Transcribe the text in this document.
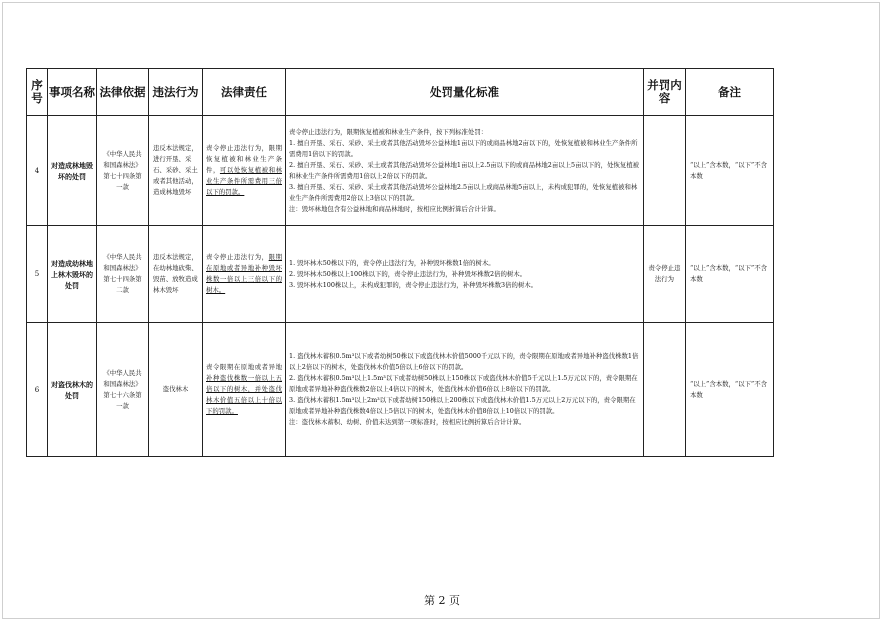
序号	事项名称	法律依据	违法行为	法律责任	处罚量化标准	并罚内容	备注
4	对造成林地毁坏的处罚	《中华人民共和国森林法》第七十四条第一款	违反本法规定，进行开垦、采石、采砂、采土或者其他活动，造成林地毁坏	责令停止违法行为，限期恢复植被和林业生产条件，可以处恢复植被和林业生产条件所需费用三倍以下的罚款。	责令停止违法行为，限期恢复植被和林业生产条件，按下列标准处罚：
1. 擅自开垦、采石、采砂、采土或者其他活动毁坏公益林地1亩以下的或商品林地2亩以下的，处恢复植被和林业生产条件所需费用1倍以下的罚款。
2. 擅自开垦、采石、采砂、采土或者其他活动毁坏公益林地1亩以上2.5亩以下的或商品林地2亩以上5亩以下的，处恢复植被和林业生产条件所需费用1倍以上2倍以下的罚款。
3. 擅自开垦、采石、采砂、采土或者其他活动毁坏公益林地2.5亩以上或商品林地5亩以上，未构成犯罪的，处恢复植被和林业生产条件所需费用2倍以上3倍以下的罚款。
注：毁坏林地包含有公益林地和商品林地时，按相应比例折算后合计计算。		“以上”含本数，“以下”不含本数

5	对造成幼林地上林木毁坏的处罚	《中华人民共和国森林法》第七十四条第二款	违反本法规定，在幼林地砍柴、毁苗、放牧造成林木毁坏	责令停止违法行为，限期在原地或者异地补种毁坏株数一倍以上三倍以下的树木。	1. 毁坏林木50株以下的，责令停止违法行为，补种毁坏株数1倍的树木。
2. 毁坏林木50株以上100株以下的，责令停止违法行为，补种毁坏株数2倍的树木。
3. 毁坏林木100株以上，未构成犯罪的，责令停止违法行为，补种毁坏株数3倍的树木。	责令停止违法行为	“以上”含本数，“以下”不含本数

6	对盗伐林木的处罚	《中华人民共和国森林法》第七十六条第一款	盗伐林木	责令限期在原地或者异地补种盗伐株数一倍以上五倍以下的树木，并处盗伐林木价值五倍以上十倍以下的罚款。	1. 盗伐林木蓄积0.5m³以下或者幼树50株以下或盗伐林木价值5000千元以下的，责令限期在原地或者异地补种盗伐株数1倍以上2倍以下的树木，处盗伐林木价值5倍以上6倍以下的罚款。
2. 盗伐林木蓄积0.5m³以上1.5m³以下或者幼树50株以上150株以下或盗伐林木价值5千元以上1.5万元以下的，责令限期在原地或者异地补种盗伐株数2倍以上4倍以下的树木，处盗伐林木价值6倍以上8倍以下的罚款。
3. 盗伐林木蓄积1.5m³以上2m³以下或者幼树150株以上200株以下或盗伐林木价值1.5万元以上2万元以下的，责令限期在原地或者异地补种盗伐株数4倍以上5倍以下的树木，处盗伐林木价值8倍以上10倍以下的罚款。
注：盗伐林木蓄积、幼树、价值未达到第一项标准时，按相应比例折算后合计计算。		“以上”含本数，“以下”不含本数
第 2 页
